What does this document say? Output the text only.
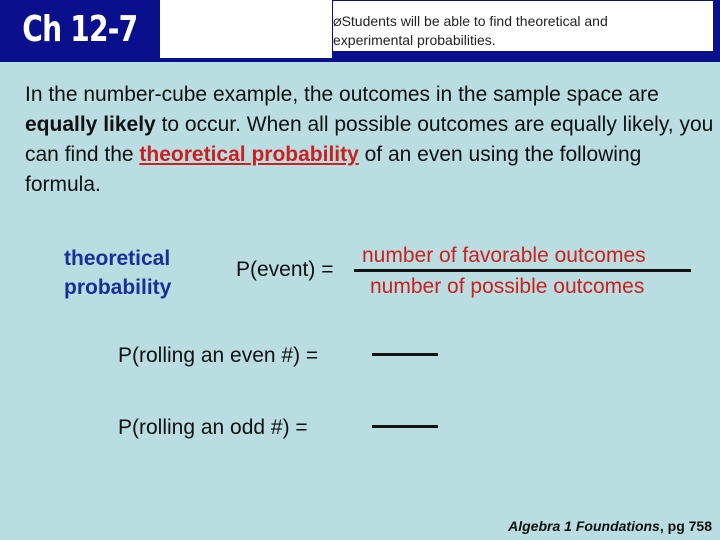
Ch 12-7	ØStudents will be able to find theoretical and
experimental probabilities.
In the number-cube example, the outcomes in the sample space are equally likely to occur. When all possible outcomes are equally likely, you can find the theoretical probability of an even using the following formula.
theoretical
probability
P(event) =
number of favorable outcomes
number of possible outcomes
P(rolling an even #) =
P(rolling an odd #) =
Algebra 1 Foundations, pg 758
